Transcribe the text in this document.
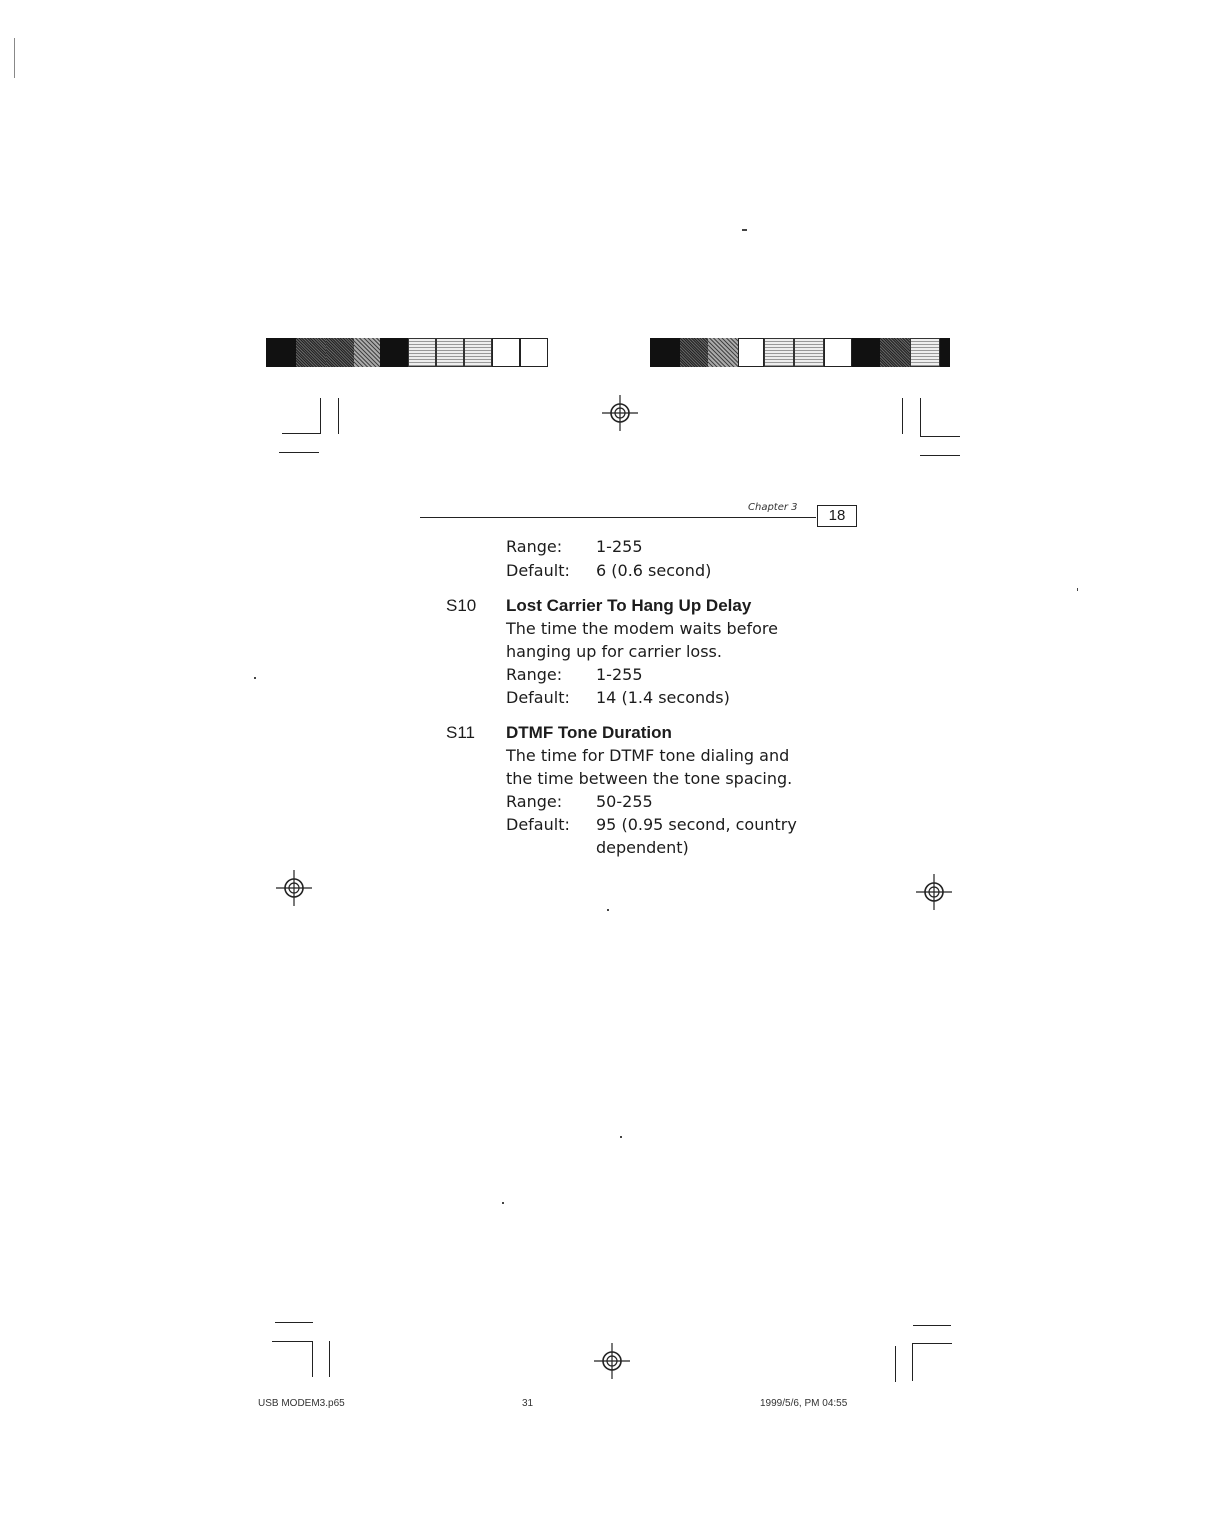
Chapter 3	18
Range: 1-255
Default: 6 (0.6 second)
S10 Lost Carrier To Hang Up Delay
The time the modem waits before
hanging up for carrier loss.
Range: 1-255
Default: 14 (1.4 seconds)
S11 DTMF Tone Duration
The time for DTMF tone dialing and
the time between the tone spacing.
Range: 50-255
Default: 95 (0.95 second, country
dependent)
USB MODEM3.p65	31	1999/5/6, PM 04:55
